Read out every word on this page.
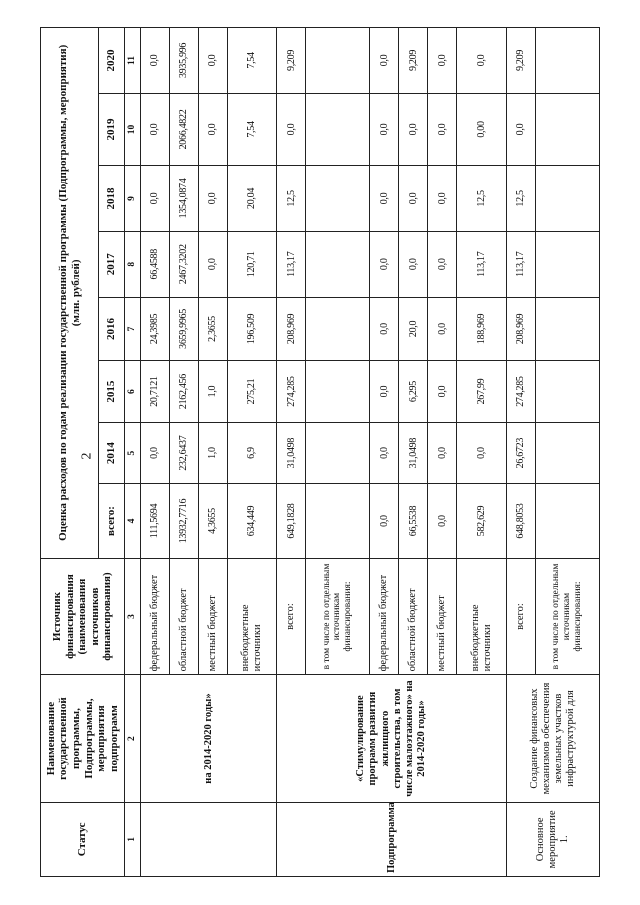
2
Статус	Наименование государственной программы, Подпрограммы, мероприятия подпрограмм	Источник финансирования (наименования источников финансирования)	Оценка расходов по годам реализации государственной программы (Подпрограммы, мероприятия) (млн. рублей)							
			всего:	2014	2015	2016	2017	2018	2019	2020
1	2	3	4	5	6	7	8	9	10	11
	на 2014-2020 годы»	федеральный бюджет	111,5694	0,0	20,7121	24,3985	66,4588	0,0	0,0	0,0
		областной бюджет	13932,7716	232,6437	2162,456	3659,9965	2467,3202	1354,0874	2066,4822	3935,996
		местный бюджет	4,3655	1,0	1,0	2,3655	0,0	0,0	0,0	0,0
		внебюджетные источники	634,449	6,9	275,21	196,509	120,71	20,04	7,54	7,54
Подпрограмма	«Стимулирование программ развития жилищного строительства, в том числе малоэтажного» на 2014-2020 годы»	всего:	649,1828	31,0498	274,285	208,969	113,17	12,5	0,0	9,209
		в том числе по отдельным источникам финансирования:								
		федеральный бюджет	0,0	0,0	0,0	0,0	0,0	0,0	0,0	0,0
		областной бюджет	66,5538	31,0498	6,295	20,0	0,0	0,0	0,0	9,209
		местный бюджет	0,0	0,0	0,0	0,0	0,0	0,0	0,0	0,0
		внебюджетные источники	582,629	0,0	267,99	188,969	113,17	12,5	0,00	0,0
Основное мероприятие 1.	Создание финансовых механизмов обеспечения земельных участков инфраструктурой для	всего:	648,8053	26,6723	274,285	208,969	113,17	12,5	0,0	9,209
		в том числе по отдельным источникам финансирования:								
